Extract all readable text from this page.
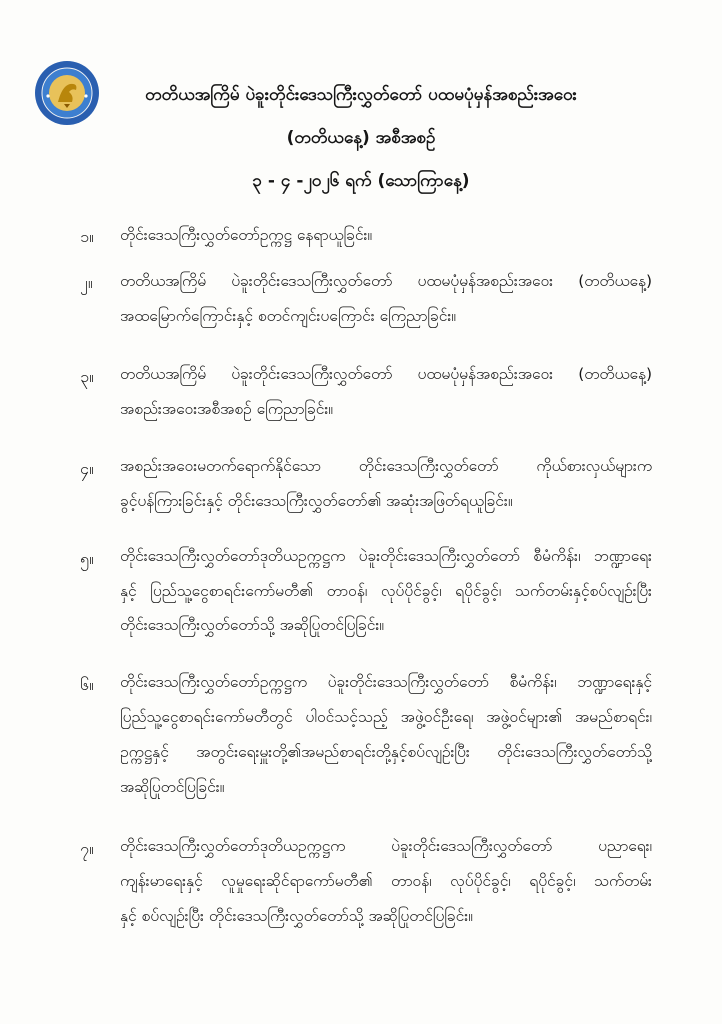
တတိယအကြိမ် ပဲခူးတိုင်းဒေသကြီးလွှတ်တော် ပထမပုံမှန်အစည်းအဝေး
(တတိယနေ့) အစီအစဉ်
၃ - ၄ -၂၀၂၆ ရက် (သောကြာနေ့)
၁။ တိုင်းဒေသကြီးလွှတ်တော်ဥက္ကဋ္ဌ နေရာယူခြင်း။
၂။ တတိယအကြိမ် ပဲခူးတိုင်းဒေသကြီးလွှတ်တော် ပထမပုံမှန်အစည်းအဝေး (တတိယနေ့)
အထမြောက်ကြောင်းနှင့် စတင်ကျင်းပကြောင်း ကြေညာခြင်း။
၃။ တတိယအကြိမ် ပဲခူးတိုင်းဒေသကြီးလွှတ်တော် ပထမပုံမှန်အစည်းအဝေး (တတိယနေ့)
အစည်းအဝေးအစီအစဉ် ကြေညာခြင်း။
၄။ အစည်းအဝေးမတက်ရောက်နိုင်သော တိုင်းဒေသကြီးလွှတ်တော် ကိုယ်စားလှယ်များက
ခွင့်ပန်ကြားခြင်းနှင့် တိုင်းဒေသကြီးလွှတ်တော်၏ အဆုံးအဖြတ်ရယူခြင်း။
၅။ တိုင်းဒေသကြီးလွှတ်တော်ဒုတိယဥက္ကဋ္ဌက ပဲခူးတိုင်းဒေသကြီးလွှတ်တော် စီမံကိန်း၊ ဘဏ္ဍာရေး
နှင့် ပြည်သူ့ငွေစာရင်းကော်မတီ၏ တာဝန်၊ လုပ်ပိုင်ခွင့်၊ ရပိုင်ခွင့်၊ သက်တမ်းနှင့်စပ်လျဉ်းပြီး
တိုင်းဒေသကြီးလွှတ်တော်သို့ အဆိုပြုတင်ပြခြင်း။
၆။ တိုင်းဒေသကြီးလွှတ်တော်ဥက္ကဋ္ဌက ပဲခူးတိုင်းဒေသကြီးလွှတ်တော် စီမံကိန်း၊ ဘဏ္ဍာရေးနှင့်
ပြည်သူ့ငွေစာရင်းကော်မတီတွင် ပါဝင်သင့်သည့် အဖွဲ့ဝင်ဦးရေ၊ အဖွဲ့ဝင်များ၏ အမည်စာရင်း၊
ဥက္ကဋ္ဌနှင့် အတွင်းရေးမှူးတို့၏အမည်စာရင်းတို့နှင့်စပ်လျဉ်းပြီး တိုင်းဒေသကြီးလွှတ်တော်သို့
အဆိုပြုတင်ပြခြင်း။
၇။ တိုင်းဒေသကြီးလွှတ်တော်ဒုတိယဥက္ကဋ္ဌက ပဲခူးတိုင်းဒေသကြီးလွှတ်တော် ပညာရေး၊
ကျန်းမာရေးနှင့် လူမှုရေးဆိုင်ရာကော်မတီ၏ တာဝန်၊ လုပ်ပိုင်ခွင့်၊ ရပိုင်ခွင့်၊ သက်တမ်း
နှင့် စပ်လျဉ်းပြီး တိုင်းဒေသကြီးလွှတ်တော်သို့ အဆိုပြုတင်ပြခြင်း။
